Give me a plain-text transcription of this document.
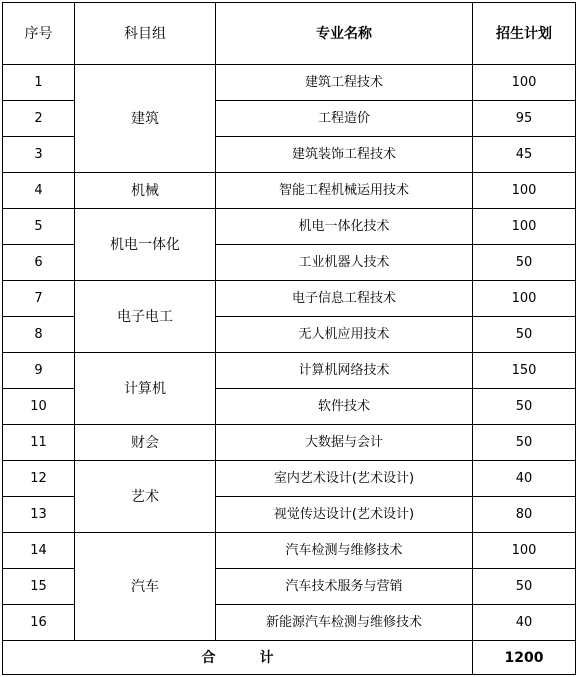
序号	科目组	专业名称	招生计划
1	建筑	建筑工程技术	100
2		工程造价	95
3		建筑装饰工程技术	45
4	机械	智能工程机械运用技术	100
5	机电一体化	机电一体化技术	100
6		工业机器人技术	50
7	电子电工	电子信息工程技术	100
8		无人机应用技术	50
9	计算机	计算机网络技术	150
10		软件技术	50
11	财会	大数据与会计	50
12	艺术	室内艺术设计(艺术设计)	40
13		视觉传达设计(艺术设计)	80
14	汽车	汽车检测与维修技术	100
15		汽车技术服务与营销	50
16		新能源汽车检测与维修技术	40
合计			1200
